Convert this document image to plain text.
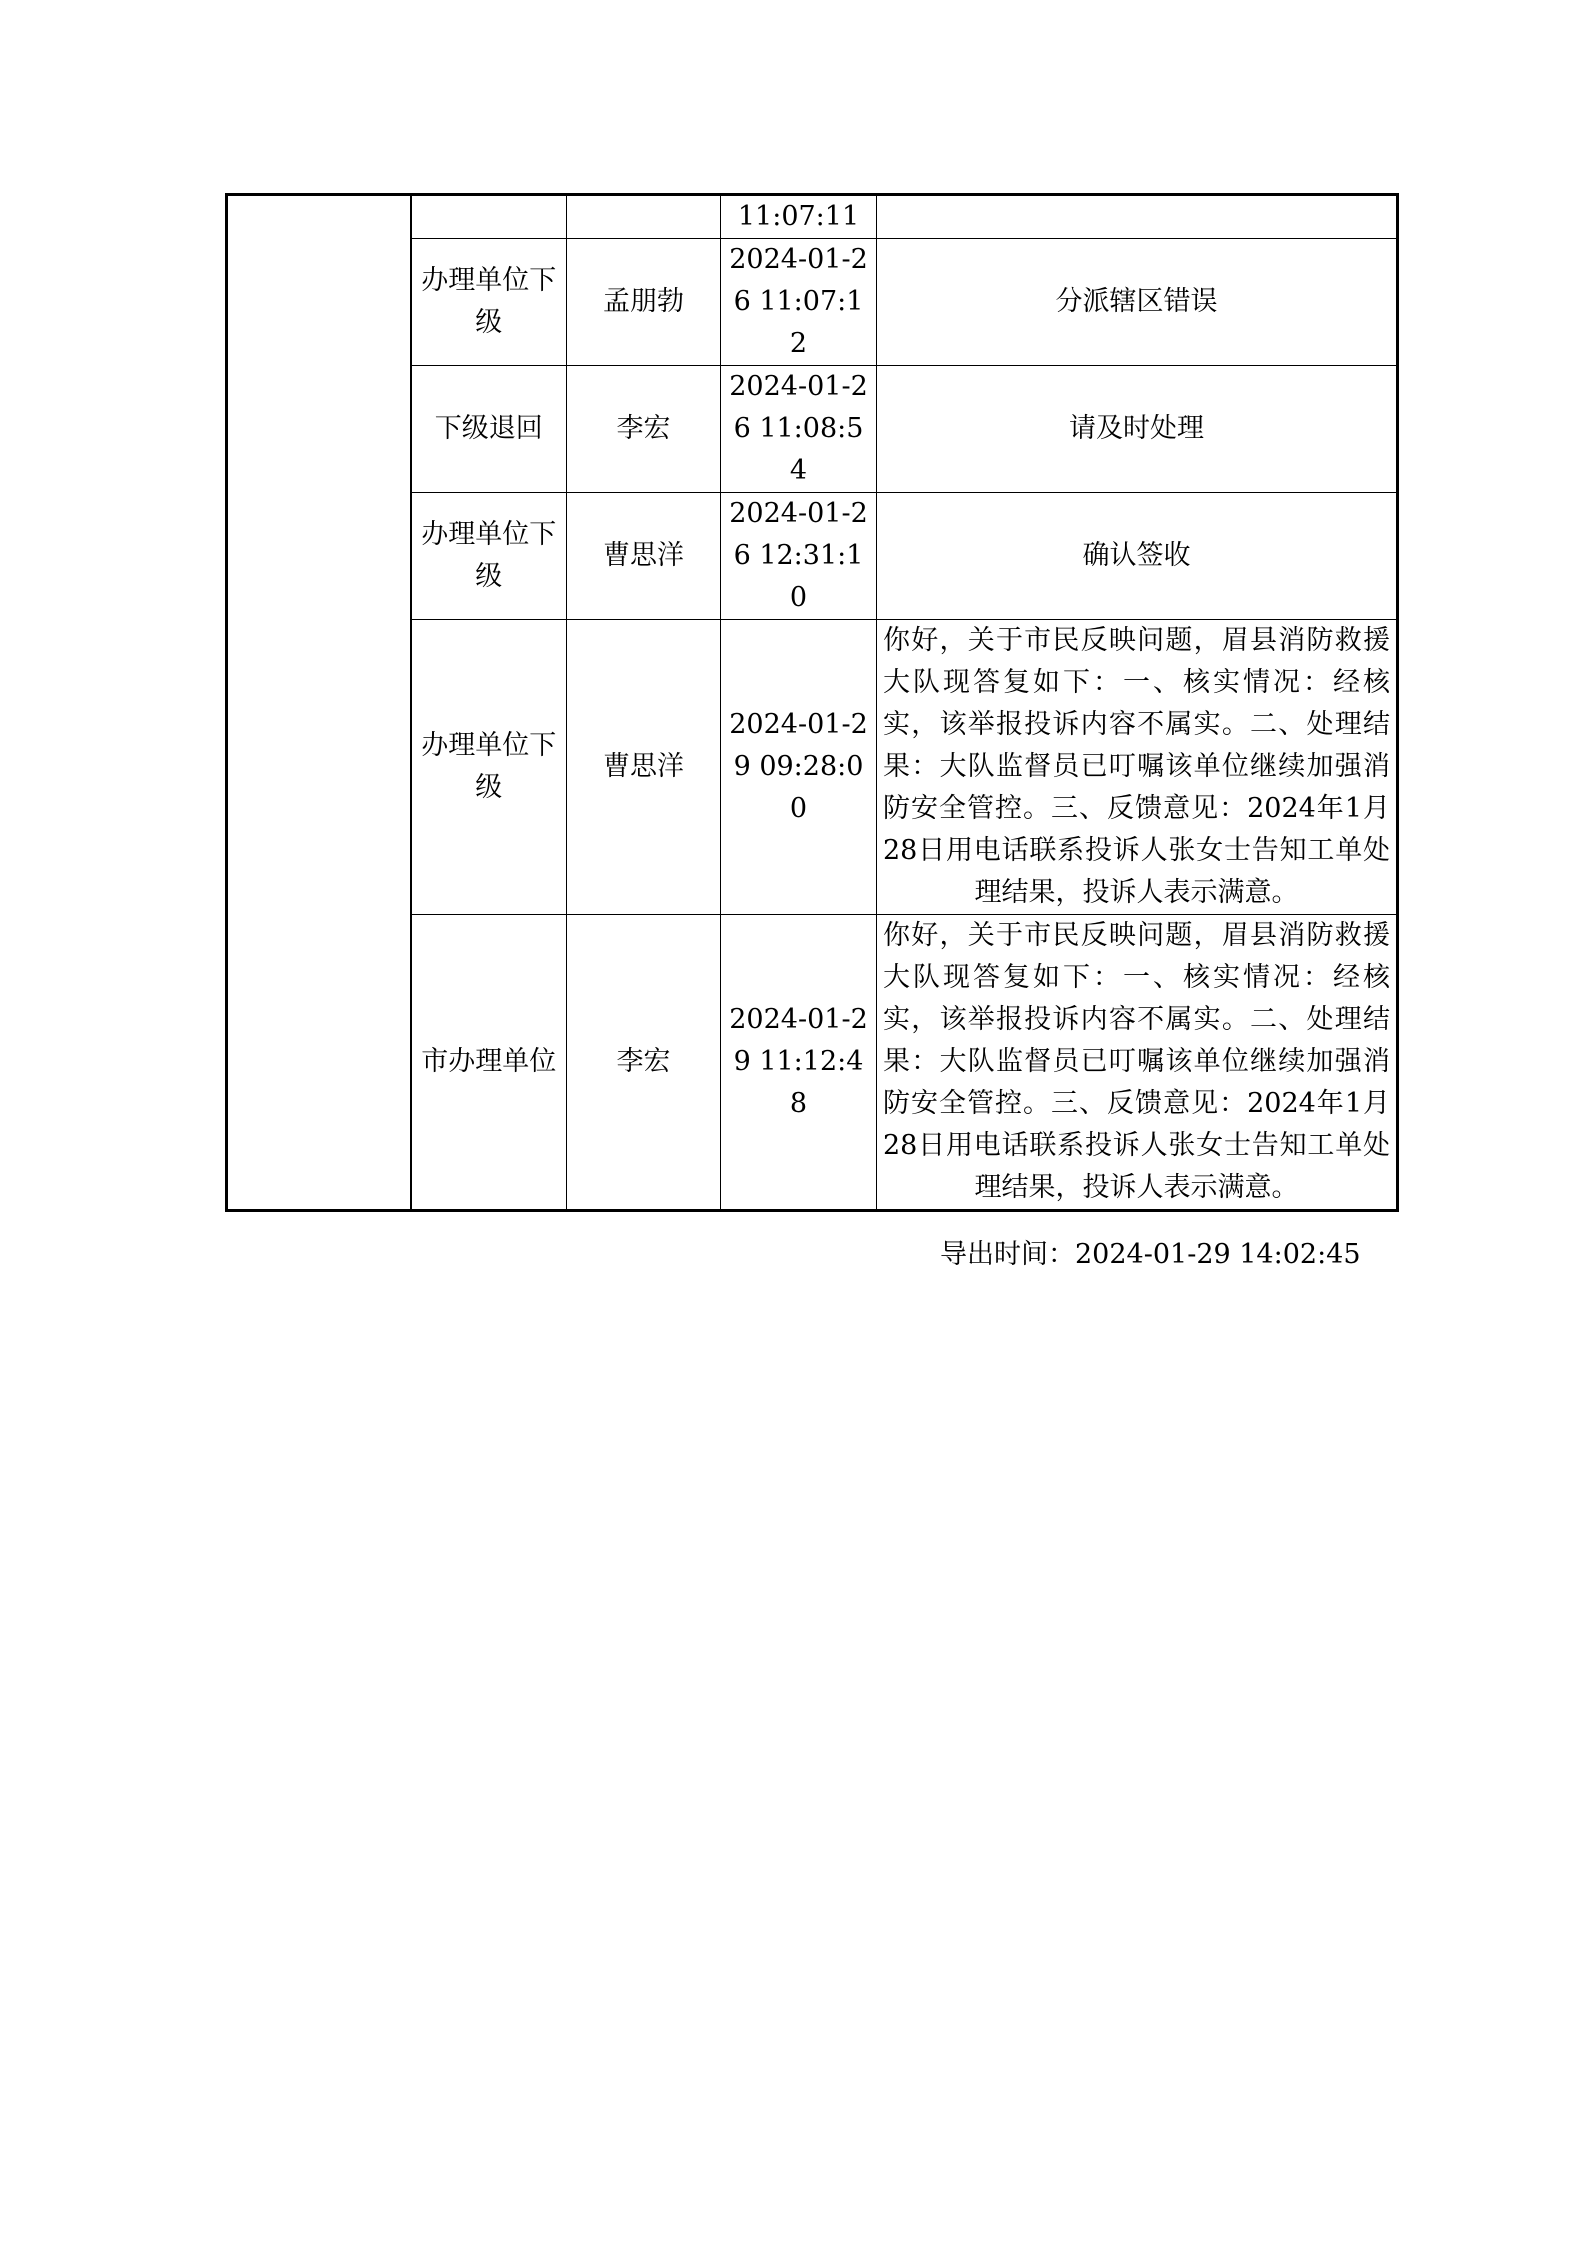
			11:07:11	
	办理单位下级	孟朋勃	2024-01-26 11:07:12	分派辖区错误
	下级退回	李宏	2024-01-26 11:08:54	请及时处理
	办理单位下级	曹思洋	2024-01-26 12:31:10	确认签收
	办理单位下级	曹思洋	2024-01-29 09:28:00	你好，关于市民反映问题，眉县消防救援大队现答复如下：一、核实情况：经核实，该举报投诉内容不属实。二、处理结果：大队监督员已叮嘱该单位继续加强消防安全管控。三、反馈意见：2024年1月28日用电话联系投诉人张女士告知工单处理结果，投诉人表示满意。

	市办理单位	李宏	2024-01-29 11:12:48	你好，关于市民反映问题，眉县消防救援大队现答复如下：一、核实情况：经核实，该举报投诉内容不属实。二、处理结果：大队监督员已叮嘱该单位继续加强消防安全管控。三、反馈意见：2024年1月28日用电话联系投诉人张女士告知工单处理结果，投诉人表示满意。
导出时间：2024-01-29 14:02:45
